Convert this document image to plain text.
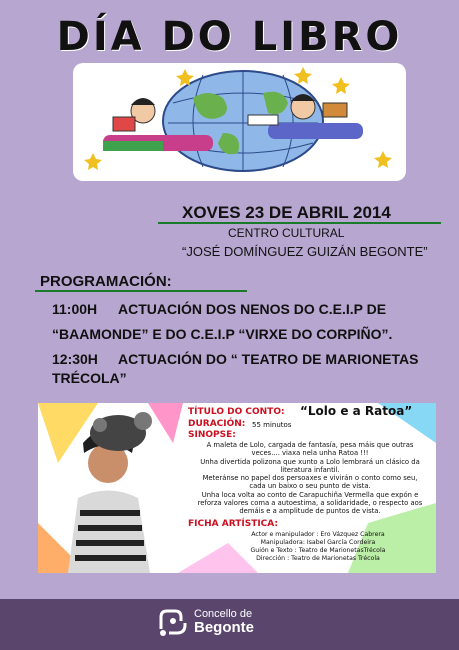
DÍA DO LIBRO
XOVES 23 DE ABRIL 2014
CENTRO CULTURAL
“JOSÉ DOMÍNGUEZ GUIZÁN BEGONTE”
PROGRAMACIÓN:
11:00H ACTUACIÓN DOS NENOS DO C.E.I.P DE
“BAAMONDE” E DO C.E.I.P “VIRXE DO CORPIÑO”.
12:30H ACTUACIÓN DO “ TEATRO DE MARIONETAS
TRÉCOLA”
TÍTULO DO CONTO: “Lolo e a Ratoa”
DURACIÓN: 55 minutos
SINOPSE:
A maleta de Lolo, cargada de fantasía, pesa máis que outras
veces.... viaxa nela unha Ratoa !!!
Unha divertida polizona que xunto a Lolo lembrará un clásico da
literatura infantil.
Meteránse no papel dos persoaxes e vivirán o conto como seu,
cada un baixo o seu punto de vista.
Unha loca volta ao conto de Carapuchiña Vermella que expón e
reforza valores coma a autoestima, a solidaridade, o respecto aos
demáis e a amplitude de puntos de vista.
FICHA ARTÍSTICA:
Actor e manipulador : Ero Vázquez Cabrera
Manipuladora: Isabel García Cordeira
Guión e Texto : Teatro de MarionetasTrécola
Dirección : Teatro de Marionetas Trécola
Concello de
Begonte
